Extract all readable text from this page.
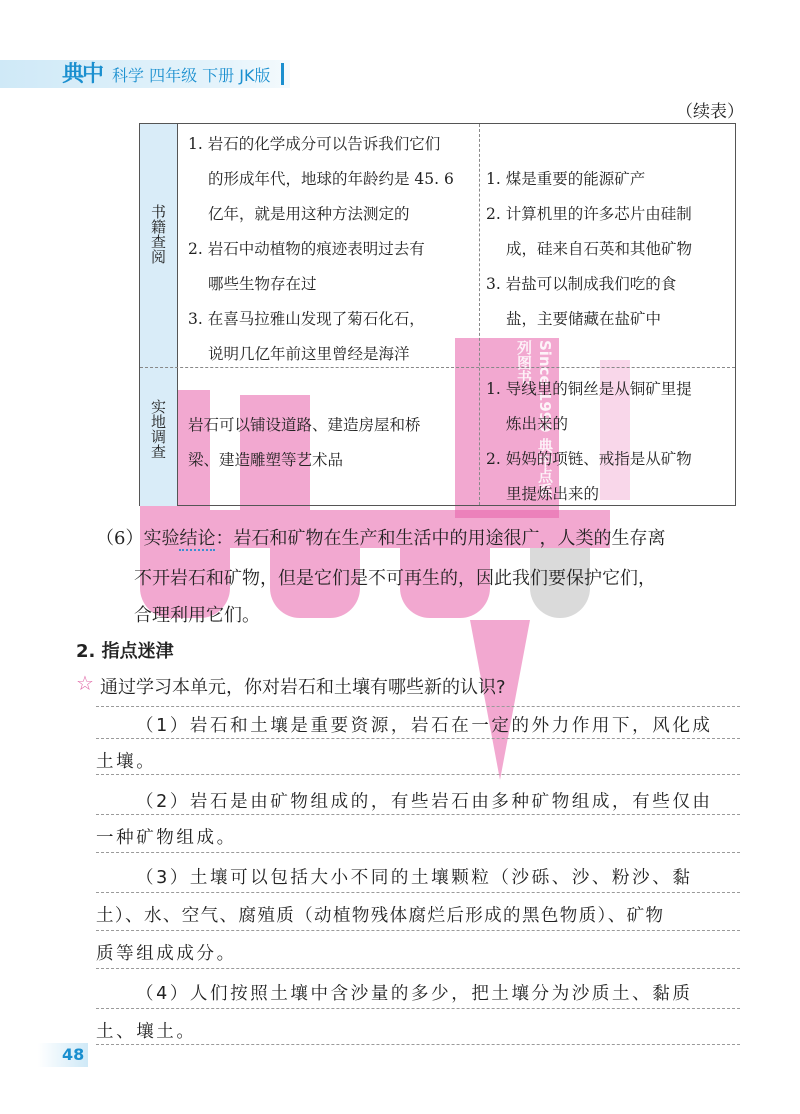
典中 科学 四年级 下册 JK版
（续表）
Since 1999 典中点系列图书
书籍查阅
实地调查
1. 岩石的化学成分可以告诉我们它们
的形成年代，地球的年龄约是 45. 6
亿年，就是用这种方法测定的
2. 岩石中动植物的痕迹表明过去有
哪些生物存在过
3. 在喜马拉雅山发现了菊石化石，
说明几亿年前这里曾经是海洋
1. 煤是重要的能源矿产
2. 计算机里的许多芯片由硅制
成，硅来自石英和其他矿物
3. 岩盐可以制成我们吃的食
盐，主要储藏在盐矿中
岩石可以铺设道路、建造房屋和桥
梁、建造雕塑等艺术品
1. 导线里的铜丝是从铜矿里提
炼出来的
2. 妈妈的项链、戒指是从矿物
里提炼出来的
（6）实验结论：岩石和矿物在生产和生活中的用途很广，人类的生存离
不开岩石和矿物，但是它们是不可再生的，因此我们要保护它们，
合理利用它们。
2. 指点迷津
☆ 通过学习本单元，你对岩石和土壤有哪些新的认识?
（1）岩石和土壤是重要资源，岩石在一定的外力作用下，风化成
土壤。
（2）岩石是由矿物组成的，有些岩石由多种矿物组成，有些仅由
一种矿物组成。
（3）土壤可以包括大小不同的土壤颗粒（沙砾、沙、粉沙、黏
土）、水、空气、腐殖质（动植物残体腐烂后形成的黑色物质）、矿物
质等组成成分。
（4）人们按照土壤中含沙量的多少，把土壤分为沙质土、黏质
土、壤土。
48
